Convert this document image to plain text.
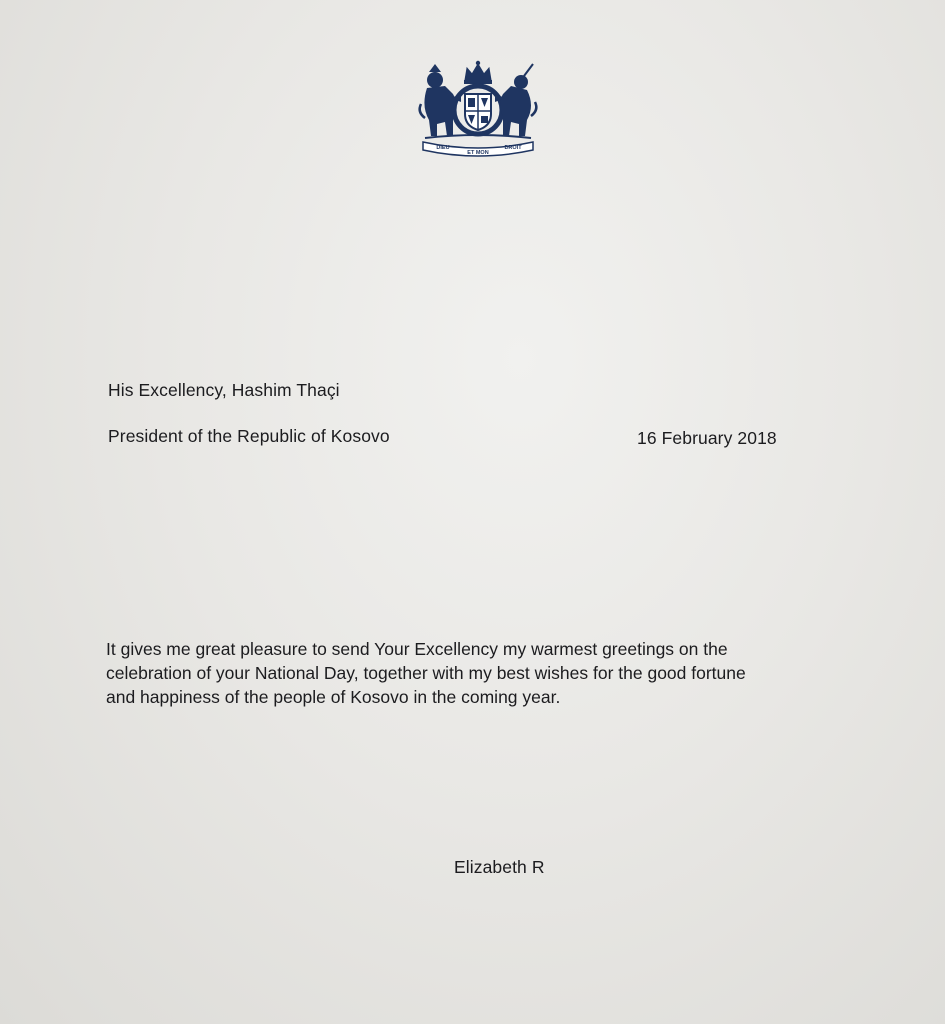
DIEU
ET MON
DROIT
His Excellency, Hashim Thaçi
President of the Republic of Kosovo	16 February 2018
It gives me great pleasure to send Your Excellency my warmest greetings on the
celebration of your National Day, together with my best wishes for the good fortune
and happiness of the people of Kosovo in the coming year.
Elizabeth R
